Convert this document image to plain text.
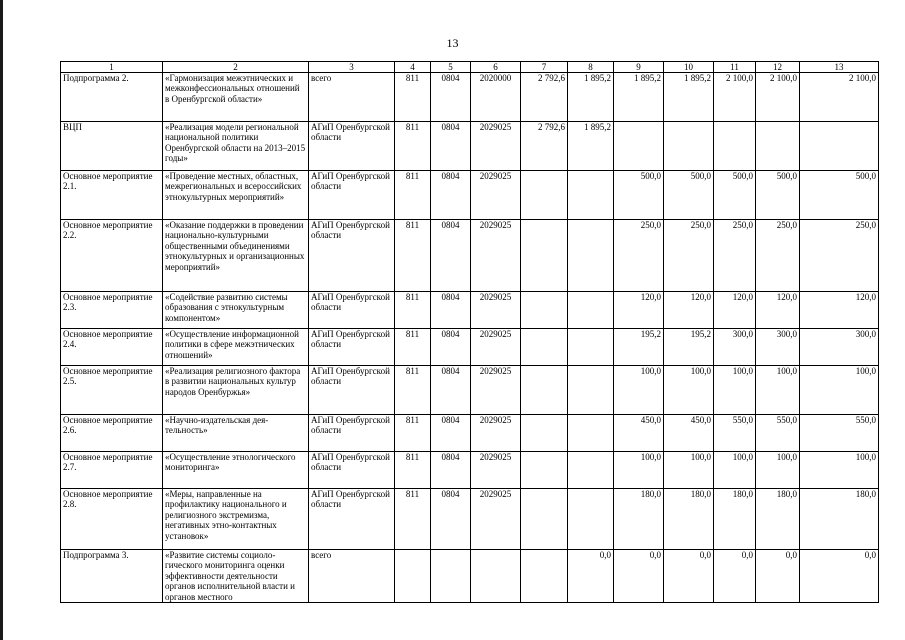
13
1	2	3	4	5	6	7	8	9	10	11	12	13
Подпрограмма 2.	«Гармонизация межэтнических и межконфессиональных отношений в Оренбургской области»	всего	811	0804	2020000	2 792,6	1 895,2	1 895,2	1 895,2	2 100,0	2 100,0	2 100,0
ВЦП	«Реализация модели региональной национальной политики Оренбургской области на 2013–2015 годы»	АГиП Оренбургской области	811	0804	2029025	2 792,6	1 895,2					
Основное мероприятие 2.1.	«Проведение местных, областных, межрегиональных и всероссийских этнокультурных мероприятий»	АГиП Оренбургской области	811	0804	2029025			500,0	500,0	500,0	500,0	500,0
Основное мероприятие 2.2.	«Оказание поддержки в проведении национально-культурными общественными объединениями этнокультурных и организационных мероприятий»	АГиП Оренбургской области	811	0804	2029025			250,0	250,0	250,0	250,0	250,0
Основное мероприятие 2.3.	«Содействие развитию системы образования с этнокультурным компонентом»	АГиП Оренбургской области	811	0804	2029025			120,0	120,0	120,0	120,0	120,0
Основное мероприятие 2.4.	«Осуществление информационной политики в сфере межэтнических отношений»	АГиП Оренбургской области	811	0804	2029025			195,2	195,2	300,0	300,0	300,0
Основное мероприятие 2.5.	«Реализация религиозного фактора в развитии национальных культур народов Оренбуржья»	АГиП Оренбургской области	811	0804	2029025			100,0	100,0	100,0	100,0	100,0
Основное мероприятие 2.6.	«Научно-издательская деятельность»	АГиП Оренбургской области	811	0804	2029025			450,0	450,0	550,0	550,0	550,0
Основное мероприятие 2.7.	«Осуществление этнологического мониторинга»	АГиП Оренбургской области	811	0804	2029025			100,0	100,0	100,0	100,0	100,0
Основное мероприятие 2.8.	«Меры, направленные на профилактику национального и религиозного экстремизма, негативных этно-контактных установок»	АГиП Оренбургской области	811	0804	2029025			180,0	180,0	180,0	180,0	180,0
Подпрограмма 3.	«Развитие системы социологического мониторинга оценки эффективности деятельности органов исполнительной власти и органов местного	всего					0,0	0,0	0,0	0,0	0,0	0,0
